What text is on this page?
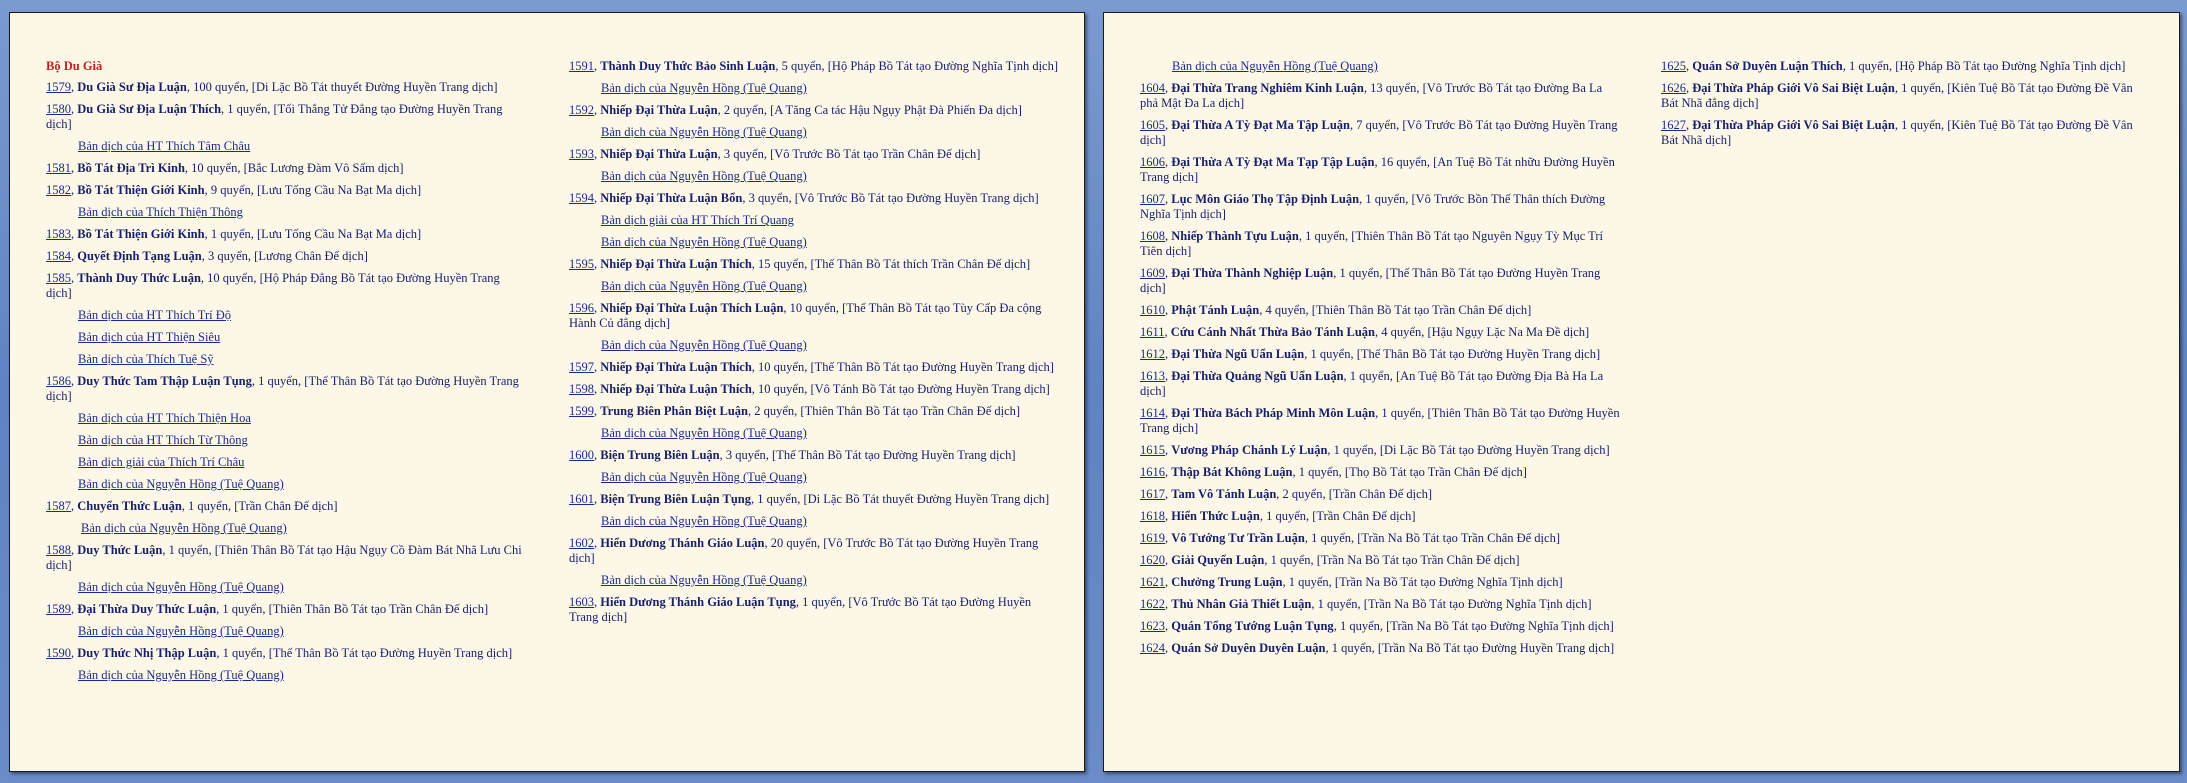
Bộ Du Già
1579, Du Già Sư Địa Luận, 100 quyển, [Di Lặc Bồ Tát thuyết Đường Huyền Trang dịch]
1580, Du Già Sư Địa Luận Thích, 1 quyển, [Tối Thắng Tử Đẳng tạo Đường Huyền Trang dịch]
Bản dịch của HT Thích Tâm Châu
1581, Bồ Tát Địa Trì Kinh, 10 quyển, [Bắc Lương Đàm Vô Sấm dịch]
1582, Bồ Tát Thiện Giới Kinh, 9 quyển, [Lưu Tống Cầu Na Bạt Ma dịch]
Bản dịch của Thích Thiện Thông
1583, Bồ Tát Thiện Giới Kinh, 1 quyển, [Lưu Tống Cầu Na Bạt Ma dịch]
1584, Quyết Định Tạng Luận, 3 quyển, [Lương Chân Đế dịch]
1585, Thành Duy Thức Luận, 10 quyển, [Hộ Pháp Đẳng Bồ Tát tạo Đường Huyền Trang dịch]
Bản dịch của HT Thích Trí Độ
Bản dịch của HT Thiện Siêu
Bản dịch của Thích Tuệ Sỹ
1586, Duy Thức Tam Thập Luận Tụng, 1 quyển, [Thế Thân Bồ Tát tạo Đường Huyền Trang dịch]
Bản dịch của HT Thích Thiện Hoa
Bản dịch của HT Thích Từ Thông
Bản dịch giải của Thích Trí Châu
Bản dịch của Nguyễn Hồng (Tuệ Quang)
1587, Chuyển Thức Luận, 1 quyển, [Trần Chân Đế dịch]
Bản dịch của Nguyễn Hồng (Tuệ Quang)
1588, Duy Thức Luận, 1 quyển, [Thiên Thân Bồ Tát tạo Hậu Ngụy Cồ Đàm Bát Nhã Lưu Chi dịch]
Bản dịch của Nguyễn Hồng (Tuệ Quang)
1589, Đại Thừa Duy Thức Luận, 1 quyển, [Thiên Thân Bồ Tát tạo Trần Chân Đế dịch]
Bản dịch của Nguyễn Hồng (Tuệ Quang)
1590, Duy Thức Nhị Thập Luận, 1 quyển, [Thế Thân Bồ Tát tạo Đường Huyền Trang dịch]
Bản dịch của Nguyễn Hồng (Tuệ Quang)
1591, Thành Duy Thức Bảo Sinh Luận, 5 quyển, [Hộ Pháp Bồ Tát tạo Đường Nghĩa Tịnh dịch]
Bản dịch của Nguyễn Hồng (Tuệ Quang)
1592, Nhiếp Đại Thừa Luận, 2 quyển, [A Tăng Ca tác Hậu Ngụy Phật Đà Phiến Đa dịch]
Bản dịch của Nguyễn Hồng (Tuệ Quang)
1593, Nhiếp Đại Thừa Luận, 3 quyển, [Vô Trước Bồ Tát tạo Trần Chân Đế dịch]
Bản dịch của Nguyễn Hồng (Tuệ Quang)
1594, Nhiếp Đại Thừa Luận Bổn, 3 quyển, [Vô Trước Bồ Tát tạo Đường Huyền Trang dịch]
Bản dịch giải của HT Thích Trí Quang
Bản dịch của Nguyễn Hồng (Tuệ Quang)
1595, Nhiếp Đại Thừa Luận Thích, 15 quyển, [Thế Thân Bồ Tát thích Trần Chân Đế dịch]
Bản dịch của Nguyễn Hồng (Tuệ Quang)
1596, Nhiếp Đại Thừa Luận Thích Luận, 10 quyển, [Thế Thân Bồ Tát tạo Tùy Cấp Đa cộng Hành Củ đẳng dịch]
Bản dịch của Nguyễn Hồng (Tuệ Quang)
1597, Nhiếp Đại Thừa Luận Thích, 10 quyển, [Thế Thân Bồ Tát tạo Đường Huyền Trang dịch]
1598, Nhiếp Đại Thừa Luận Thích, 10 quyển, [Vô Tánh Bồ Tát tạo Đường Huyền Trang dịch]
1599, Trung Biên Phân Biệt Luận, 2 quyển, [Thiên Thân Bồ Tát tạo Trần Chân Đế dịch]
Bản dịch của Nguyễn Hồng (Tuệ Quang)
1600, Biện Trung Biên Luận, 3 quyển, [Thế Thân Bồ Tát tạo Đường Huyền Trang dịch]
Bản dịch của Nguyễn Hồng (Tuệ Quang)
1601, Biện Trung Biên Luận Tụng, 1 quyển, [Di Lặc Bồ Tát thuyết Đường Huyền Trang dịch]
Bản dịch của Nguyễn Hồng (Tuệ Quang)
1602, Hiển Dương Thánh Giáo Luận, 20 quyển, [Vô Trước Bồ Tát tạo Đường Huyền Trang dịch]
Bản dịch của Nguyễn Hồng (Tuệ Quang)
1603, Hiển Dương Thánh Giáo Luận Tụng, 1 quyển, [Vô Trước Bồ Tát tạo Đường Huyền Trang dịch]
Bản dịch của Nguyễn Hồng (Tuệ Quang)
1604, Đại Thừa Trang Nghiêm Kinh Luận, 13 quyển, [Vô Trước Bồ Tát tạo Đường Ba La phả Mật Đa La dịch]
1605, Đại Thừa A Tỳ Đạt Ma Tập Luận, 7 quyển, [Vô Trước Bồ Tát tạo Đường Huyền Trang dịch]
1606, Đại Thừa A Tỳ Đạt Ma Tạp Tập Luận, 16 quyển, [An Tuệ Bồ Tát nhữu Đường Huyền Trang dịch]
1607, Lục Môn Giáo Thọ Tập Định Luận, 1 quyển, [Vô Trước Bồn Thế Thân thích Đường Nghĩa Tịnh dịch]
1608, Nhiếp Thành Tựu Luận, 1 quyển, [Thiên Thân Bồ Tát tạo Nguyên Ngụy Tỳ Mục Trí Tiên dịch]
1609, Đại Thừa Thành Nghiệp Luận, 1 quyển, [Thế Thân Bồ Tát tạo Đường Huyền Trang dịch]
1610, Phật Tánh Luận, 4 quyển, [Thiên Thân Bồ Tát tạo Trần Chân Đế dịch]
1611, Cứu Cánh Nhất Thừa Bảo Tánh Luận, 4 quyển, [Hậu Ngụy Lặc Na Ma Đề dịch]
1612, Đại Thừa Ngũ Uẩn Luận, 1 quyển, [Thế Thân Bồ Tát tạo Đường Huyền Trang dịch]
1613, Đại Thừa Quảng Ngũ Uẩn Luận, 1 quyển, [An Tuệ Bồ Tát tạo Đường Địa Bà Ha La dịch]
1614, Đại Thừa Bách Pháp Minh Môn Luận, 1 quyển, [Thiên Thân Bồ Tát tạo Đường Huyền Trang dịch]
1615, Vương Pháp Chánh Lý Luận, 1 quyển, [Di Lặc Bồ Tát tạo Đường Huyền Trang dịch]
1616, Thập Bát Không Luận, 1 quyển, [Thọ Bồ Tát tạo Trần Chân Đế dịch]
1617, Tam Vô Tánh Luận, 2 quyển, [Trần Chân Đế dịch]
1618, Hiển Thức Luận, 1 quyển, [Trần Chân Đế dịch]
1619, Vô Tướng Tư Trần Luận, 1 quyển, [Trần Na Bồ Tát tạo Trần Chân Đế dịch]
1620, Giải Quyển Luận, 1 quyển, [Trần Na Bồ Tát tạo Trần Chân Đế dịch]
1621, Chưởng Trung Luận, 1 quyển, [Trần Na Bồ Tát tạo Đường Nghĩa Tịnh dịch]
1622, Thủ Nhân Giả Thiết Luận, 1 quyển, [Trần Na Bồ Tát tạo Đường Nghĩa Tịnh dịch]
1623, Quán Tổng Tướng Luận Tụng, 1 quyển, [Trần Na Bồ Tát tạo Đường Nghĩa Tịnh dịch]
1624, Quán Sở Duyên Duyên Luận, 1 quyển, [Trần Na Bồ Tát tạo Đường Huyền Trang dịch]
1625, Quán Sở Duyên Luận Thích, 1 quyển, [Hộ Pháp Bồ Tát tạo Đường Nghĩa Tịnh dịch]
1626, Đại Thừa Pháp Giới Vô Sai Biệt Luận, 1 quyển, [Kiên Tuệ Bồ Tát tạo Đường Đề Vân Bát Nhã đẳng dịch]
1627, Đại Thừa Pháp Giới Vô Sai Biệt Luận, 1 quyển, [Kiên Tuệ Bồ Tát tạo Đường Đề Vân Bát Nhã dịch]
